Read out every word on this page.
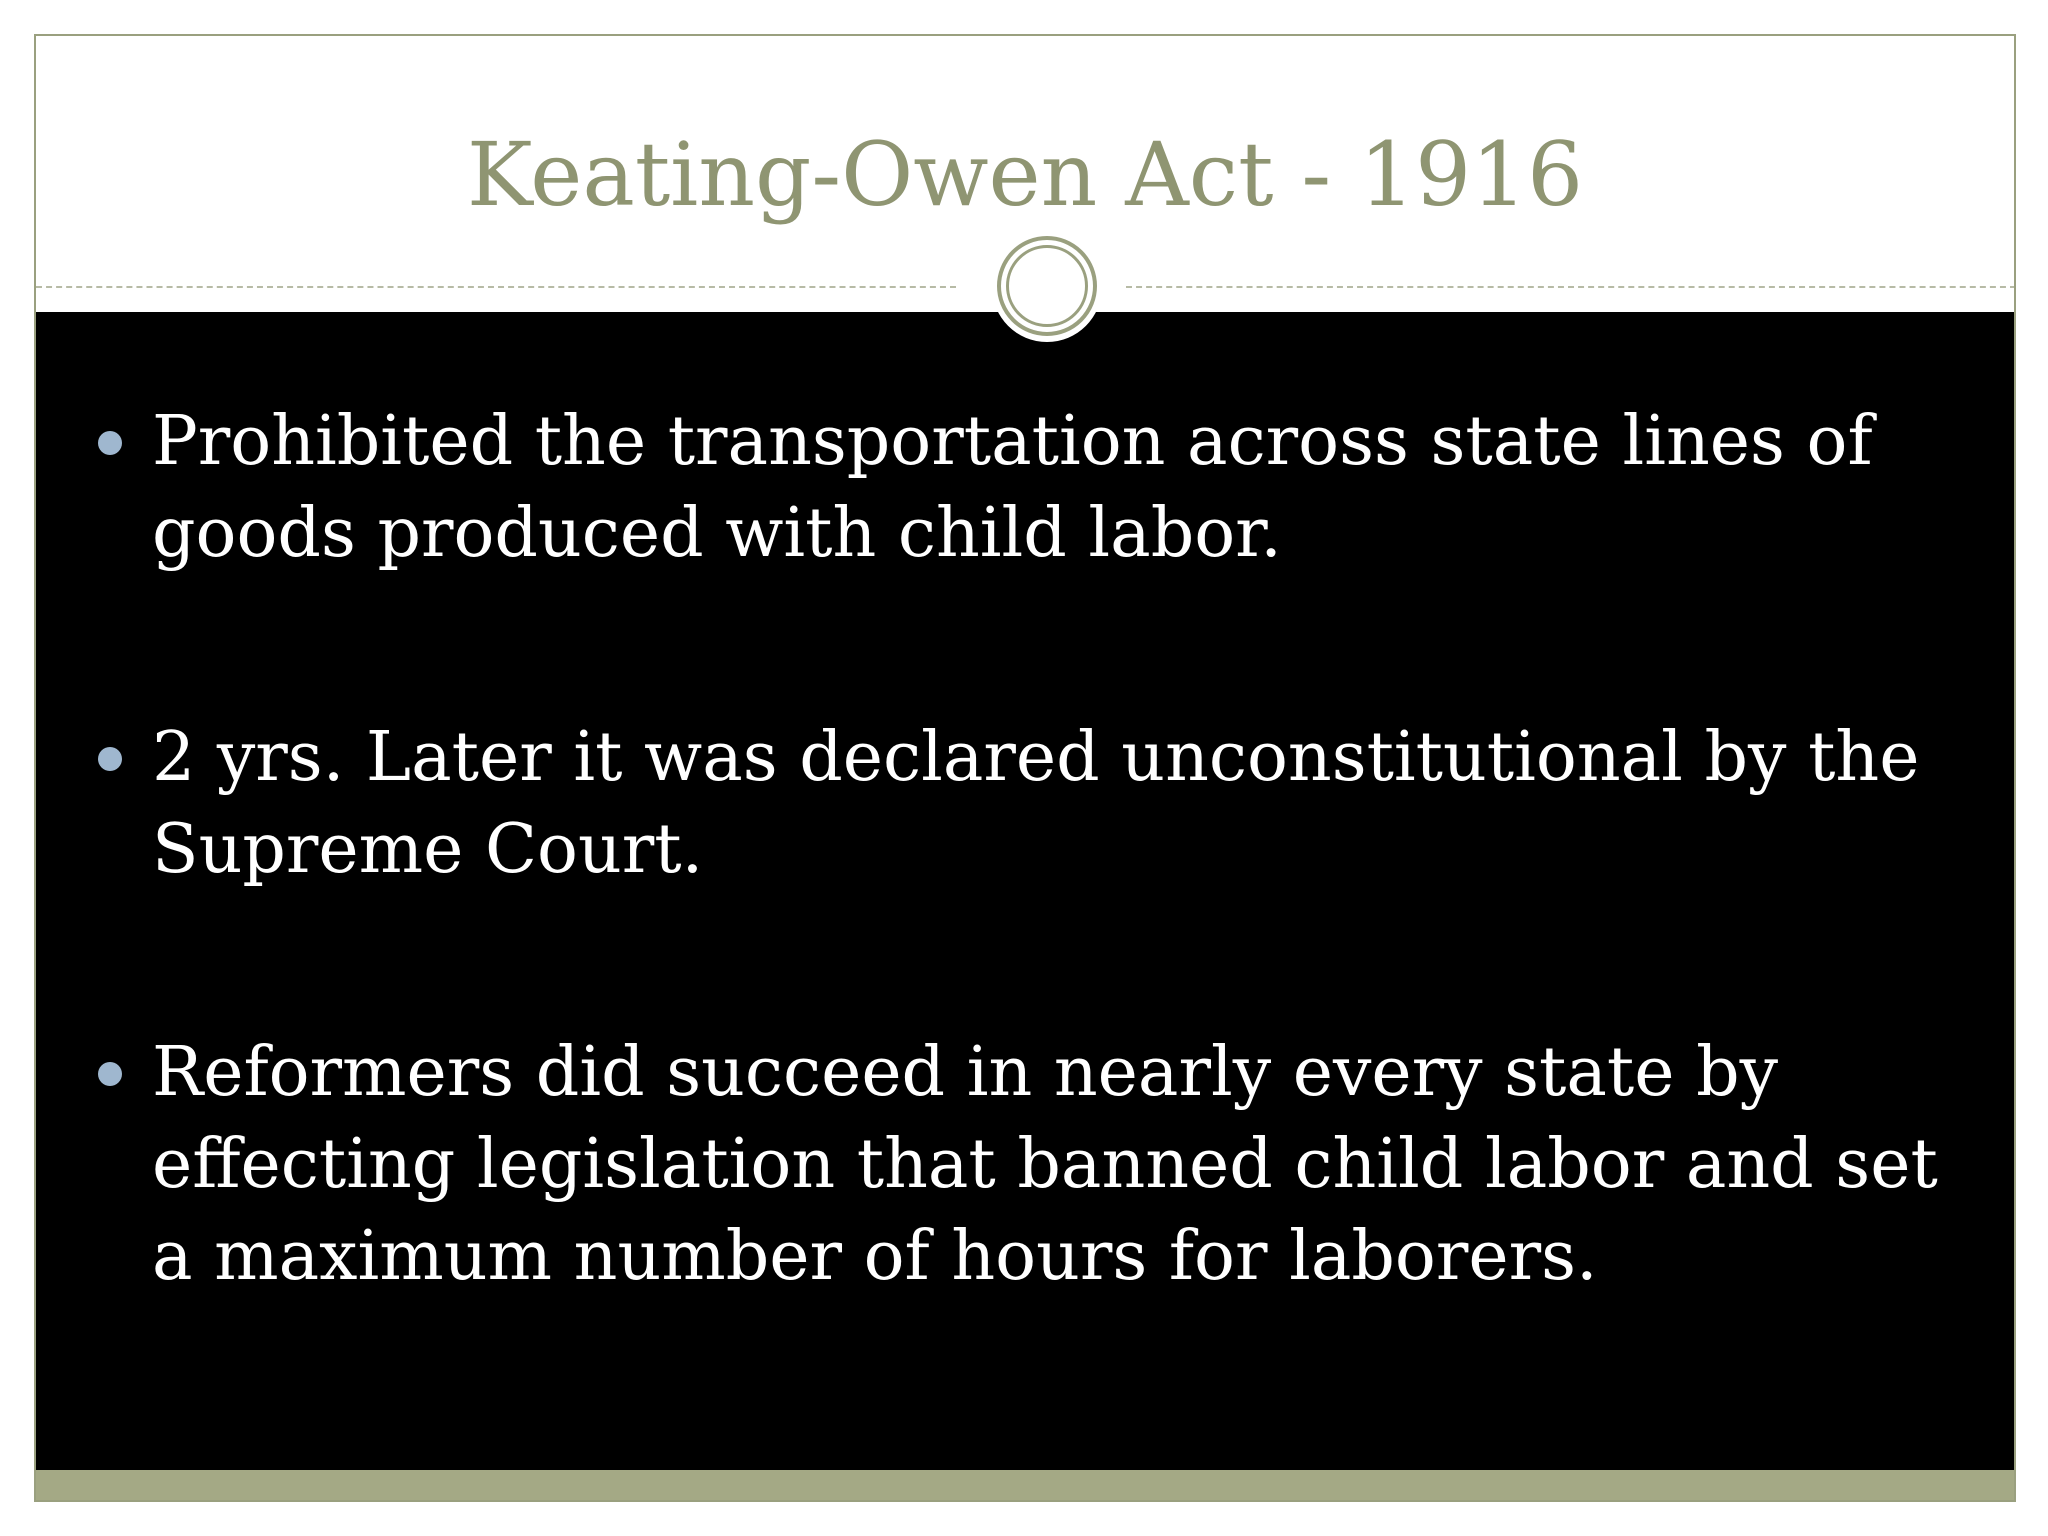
Keating-Owen Act - 1916
Prohibited the transportation across state lines of goods produced with child labor.
2 yrs. Later it was declared unconstitutional by the Supreme Court.
Reformers did succeed in nearly every state by effecting legislation that banned child labor and set a maximum number of hours for laborers.
